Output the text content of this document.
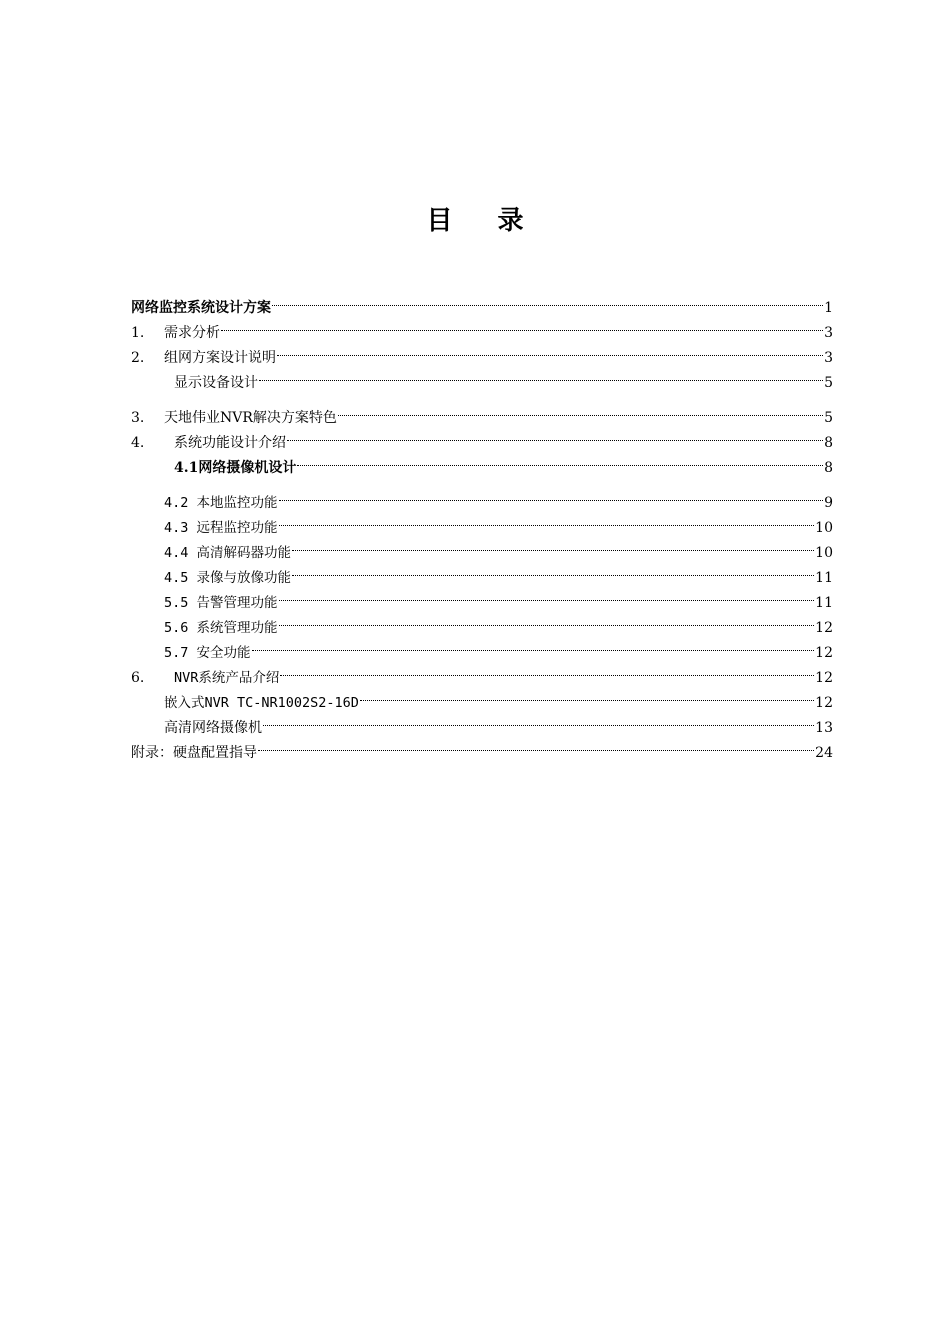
目 录
网络监控系统设计方案	1
1.	需求分析	3
2.	组网方案设计说明	3
显示设备设计	5
3.	天地伟业NVR解决方案特色	5
4.	系统功能设计介绍	8
4.1网络摄像机设计	8
4.2 本地监控功能	9
4.3 远程监控功能	10
4.4 高清解码器功能	10
4.5 录像与放像功能	11
5.5 告警管理功能	11
5.6 系统管理功能	12
5.7 安全功能	12
6.	NVR系统产品介绍	12
嵌入式NVR TC-NR1002S2-16D	12
高清网络摄像机	13
附录：硬盘配置指导	24
